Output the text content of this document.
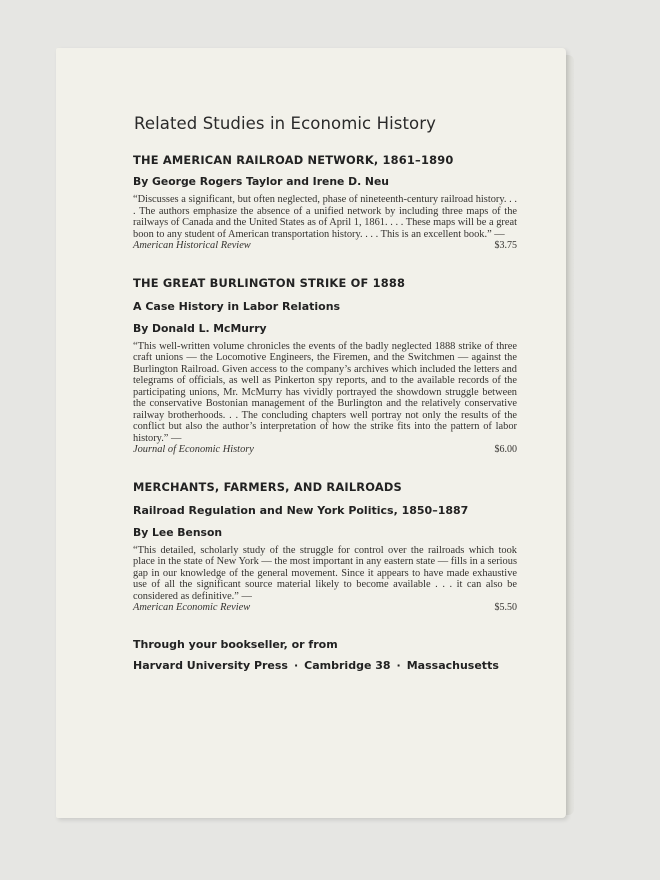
Related Studies in Economic History
THE AMERICAN RAILROAD NETWORK, 1861–1890
By George Rogers Taylor and Irene D. Neu
“Discusses a significant, but often neglected, phase of nineteenth-century railroad history. . . . The authors emphasize the absence of a unified network by including three maps of the railways of Canada and the United States as of April 1, 1861. . . . These maps will be a great boon to any student of American transportation history. . . . This is an excellent book.” —
American Historical Review	$3.75
THE GREAT BURLINGTON STRIKE OF 1888
A Case History in Labor Relations
By Donald L. McMurry
“This well-written volume chronicles the events of the badly neglected 1888 strike of three craft unions — the Locomotive Engineers, the Firemen, and the Switchmen — against the Burlington Railroad. Given access to the company’s archives which included the letters and telegrams of officials, as well as Pinkerton spy reports, and to the available records of the participating unions, Mr. McMurry has vividly portrayed the showdown struggle between the conservative Bostonian management of the Burlington and the relatively conservative railway brotherhoods. . . The concluding chapters well portray not only the results of the conflict but also the author’s interpretation of how the strike fits into the pattern of labor history.” —
Journal of Economic History	$6.00
MERCHANTS, FARMERS, AND RAILROADS
Railroad Regulation and New York Politics, 1850–1887
By Lee Benson
“This detailed, scholarly study of the struggle for control over the railroads which took place in the state of New York — the most important in any eastern state — fills in a serious gap in our knowledge of the general movement. Since it appears to have made exhaustive use of all the significant source material likely to become available . . . it can also be considered as definitive.” —
American Economic Review	$5.50
Through your bookseller, or from
Harvard University Press · Cambridge 38 · Massachusetts
